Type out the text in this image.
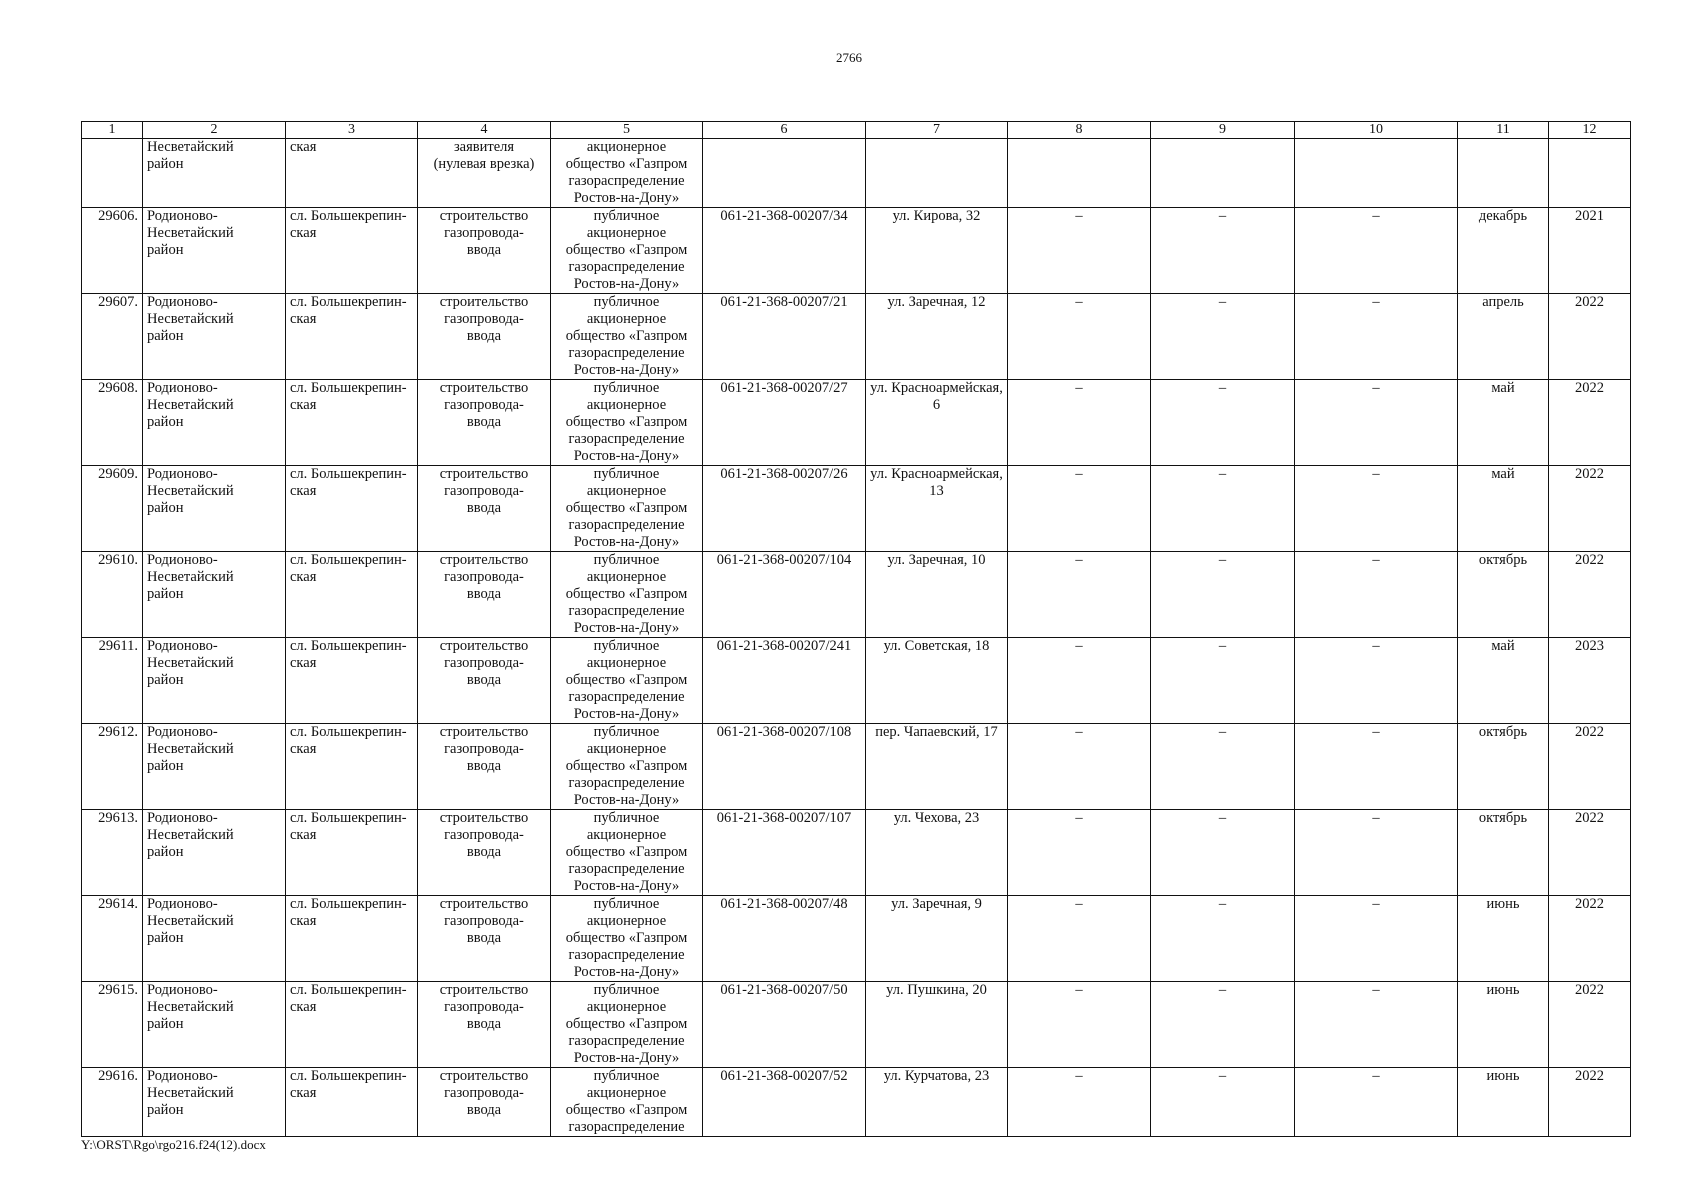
2766
1	2	3	4	5	6	7	8	9	10	11	12
	Несветайский
район	ская	заявителя
(нулевая врезка)	акционерное
общество «Газпром
газораспределение
Ростов-на-Дону»							
29606.	Родионово-
Несветайский
район	сл. Большекрепин-
ская	строительство
газопровода-
ввода	публичное
акционерное
общество «Газпром
газораспределение
Ростов-на-Дону»	061-21-368-00207/34	ул. Кирова, 32	–	–	–	декабрь	2021
29607.	Родионово-
Несветайский
район	сл. Большекрепин-
ская	строительство
газопровода-
ввода	публичное
акционерное
общество «Газпром
газораспределение
Ростов-на-Дону»	061-21-368-00207/21	ул. Заречная, 12	–	–	–	апрель	2022
29608.	Родионово-
Несветайский
район	сл. Большекрепин-
ская	строительство
газопровода-
ввода	публичное
акционерное
общество «Газпром
газораспределение
Ростов-на-Дону»	061-21-368-00207/27	ул. Красноармейская,
6	–	–	–	май	2022
29609.	Родионово-
Несветайский
район	сл. Большекрепин-
ская	строительство
газопровода-
ввода	публичное
акционерное
общество «Газпром
газораспределение
Ростов-на-Дону»	061-21-368-00207/26	ул. Красноармейская,
13	–	–	–	май	2022
29610.	Родионово-
Несветайский
район	сл. Большекрепин-
ская	строительство
газопровода-
ввода	публичное
акционерное
общество «Газпром
газораспределение
Ростов-на-Дону»	061-21-368-00207/104	ул. Заречная, 10	–	–	–	октябрь	2022
29611.	Родионово-
Несветайский
район	сл. Большекрепин-
ская	строительство
газопровода-
ввода	публичное
акционерное
общество «Газпром
газораспределение
Ростов-на-Дону»	061-21-368-00207/241	ул. Советская, 18	–	–	–	май	2023
29612.	Родионово-
Несветайский
район	сл. Большекрепин-
ская	строительство
газопровода-
ввода	публичное
акционерное
общество «Газпром
газораспределение
Ростов-на-Дону»	061-21-368-00207/108	пер. Чапаевский, 17	–	–	–	октябрь	2022
29613.	Родионово-
Несветайский
район	сл. Большекрепин-
ская	строительство
газопровода-
ввода	публичное
акционерное
общество «Газпром
газораспределение
Ростов-на-Дону»	061-21-368-00207/107	ул. Чехова, 23	–	–	–	октябрь	2022
29614.	Родионово-
Несветайский
район	сл. Большекрепин-
ская	строительство
газопровода-
ввода	публичное
акционерное
общество «Газпром
газораспределение
Ростов-на-Дону»	061-21-368-00207/48	ул. Заречная, 9	–	–	–	июнь	2022
29615.	Родионово-
Несветайский
район	сл. Большекрепин-
ская	строительство
газопровода-
ввода	публичное
акционерное
общество «Газпром
газораспределение
Ростов-на-Дону»	061-21-368-00207/50	ул. Пушкина, 20	–	–	–	июнь	2022
29616.	Родионово-
Несветайский
район	сл. Большекрепин-
ская	строительство
газопровода-
ввода	публичное
акционерное
общество «Газпром
газораспределение	061-21-368-00207/52	ул. Курчатова, 23	–	–	–	июнь	2022
Y:\ORST\Rgo\rgo216.f24(12).docx
